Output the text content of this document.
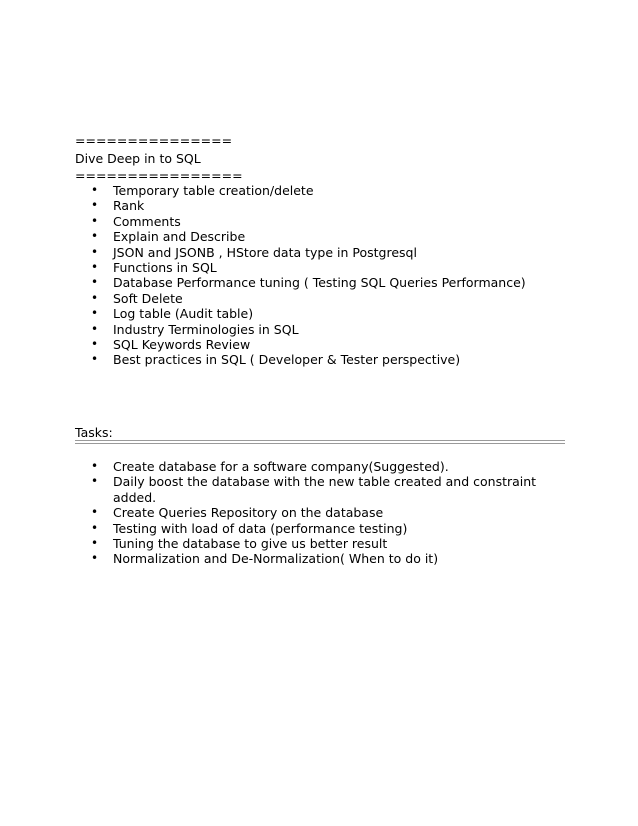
===============
Dive Deep in to SQL
================
• Temporary table creation/delete
• Rank
• Comments
• Explain and Describe
• JSON and JSONB , HStore data type in Postgresql
• Functions in SQL
• Database Performance tuning ( Testing SQL Queries Performance)
• Soft Delete
• Log table (Audit table)
• Industry Terminologies in SQL
• SQL Keywords Review
• Best practices in SQL ( Developer & Tester perspective)
Tasks:
• Create database for a software company(Suggested).
• Daily boost the database with the new table created and constraint added.
• Create Queries Repository on the database
• Testing with load of data (performance testing)
• Tuning the database to give us better result
• Normalization and De-Normalization( When to do it)
